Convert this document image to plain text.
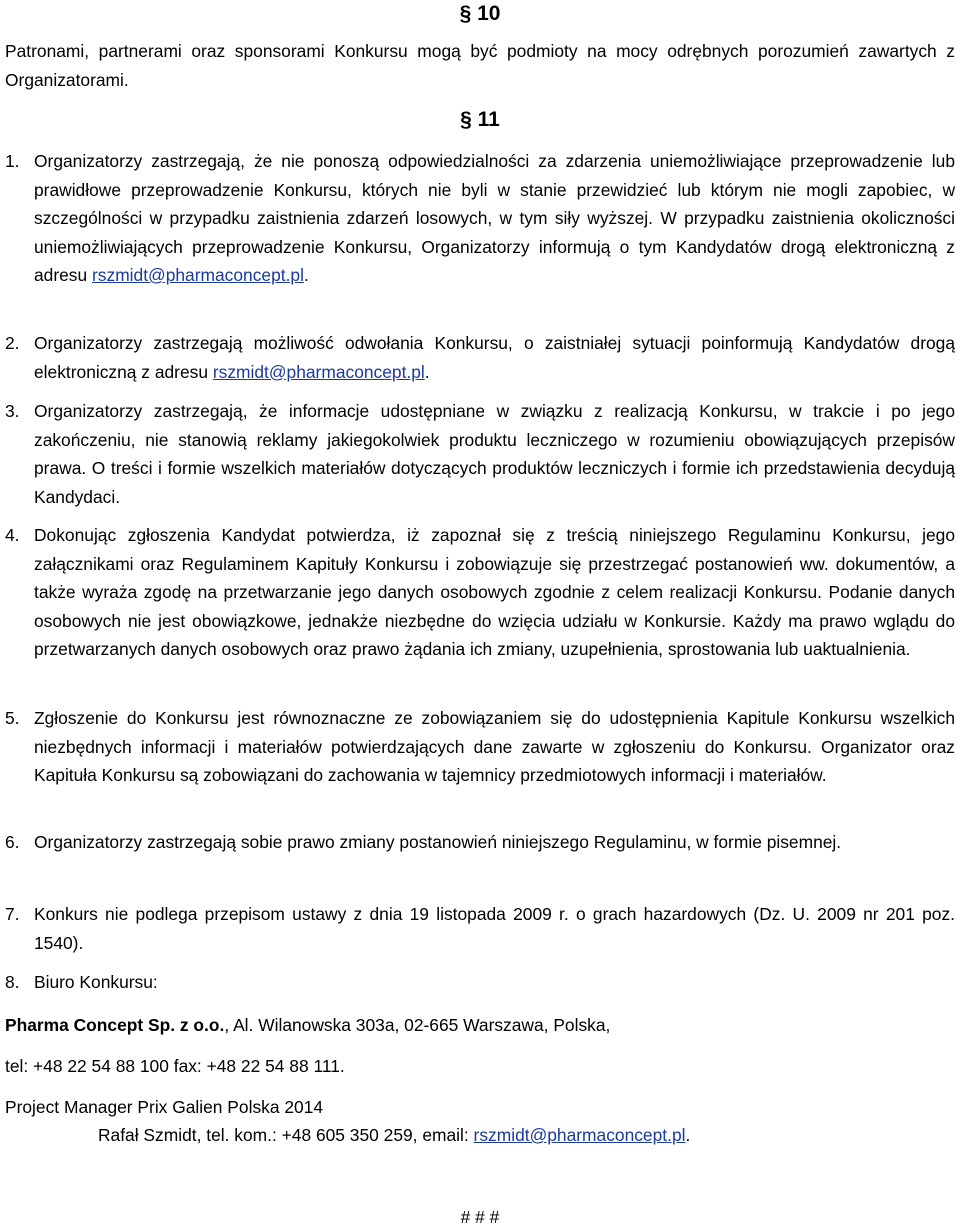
§ 10
Patronami, partnerami oraz sponsorami Konkursu mogą być podmioty na mocy odrębnych porozumień zawartych z Organizatorami.
§ 11
1. Organizatorzy zastrzegają, że nie ponoszą odpowiedzialności za zdarzenia uniemożliwiające przeprowadzenie lub prawidłowe przeprowadzenie Konkursu, których nie byli w stanie przewidzieć lub którym nie mogli zapobiec, w szczególności w przypadku zaistnienia zdarzeń losowych, w tym siły wyższej. W przypadku zaistnienia okoliczności uniemożliwiających przeprowadzenie Konkursu, Organizatorzy informują o tym Kandydatów drogą elektroniczną z adresu rszmidt@pharmaconcept.pl.
2. Organizatorzy zastrzegają możliwość odwołania Konkursu, o zaistniałej sytuacji poinformują Kandydatów drogą elektroniczną z adresu rszmidt@pharmaconcept.pl.
3. Organizatorzy zastrzegają, że informacje udostępniane w związku z realizacją Konkursu, w trakcie i po jego zakończeniu, nie stanowią reklamy jakiegokolwiek produktu leczniczego w rozumieniu obowiązujących przepisów prawa. O treści i formie wszelkich materiałów dotyczących produktów leczniczych i formie ich przedstawienia decydują Kandydaci.
4. Dokonując zgłoszenia Kandydat potwierdza, iż zapoznał się z treścią niniejszego Regulaminu Konkursu, jego załącznikami oraz Regulaminem Kapituły Konkursu i zobowiązuje się przestrzegać postanowień ww. dokumentów, a także wyraża zgodę na przetwarzanie jego danych osobowych zgodnie z celem realizacji Konkursu. Podanie danych osobowych nie jest obowiązkowe, jednakże niezbędne do wzięcia udziału w Konkursie. Każdy ma prawo wglądu do przetwarzanych danych osobowych oraz prawo żądania ich zmiany, uzupełnienia, sprostowania lub uaktualnienia.
5. Zgłoszenie do Konkursu jest równoznaczne ze zobowiązaniem się do udostępnienia Kapitule Konkursu wszelkich niezbędnych informacji i materiałów potwierdzających dane zawarte w zgłoszeniu do Konkursu. Organizator oraz Kapituła Konkursu są zobowiązani do zachowania w tajemnicy przedmiotowych informacji i materiałów.
6. Organizatorzy zastrzegają sobie prawo zmiany postanowień niniejszego Regulaminu, w formie pisemnej.
7. Konkurs nie podlega przepisom ustawy z dnia 19 listopada 2009 r. o grach hazardowych (Dz. U. 2009 nr 201 poz. 1540).
8. Biuro Konkursu:
Pharma Concept Sp. z o.o., Al. Wilanowska 303a, 02-665 Warszawa, Polska,
tel: +48 22 54 88 100 fax: +48 22 54 88 111.
Project Manager Prix Galien Polska 2014
Rafał Szmidt, tel. kom.: +48 605 350 259, email: rszmidt@pharmaconcept.pl.
# # #
